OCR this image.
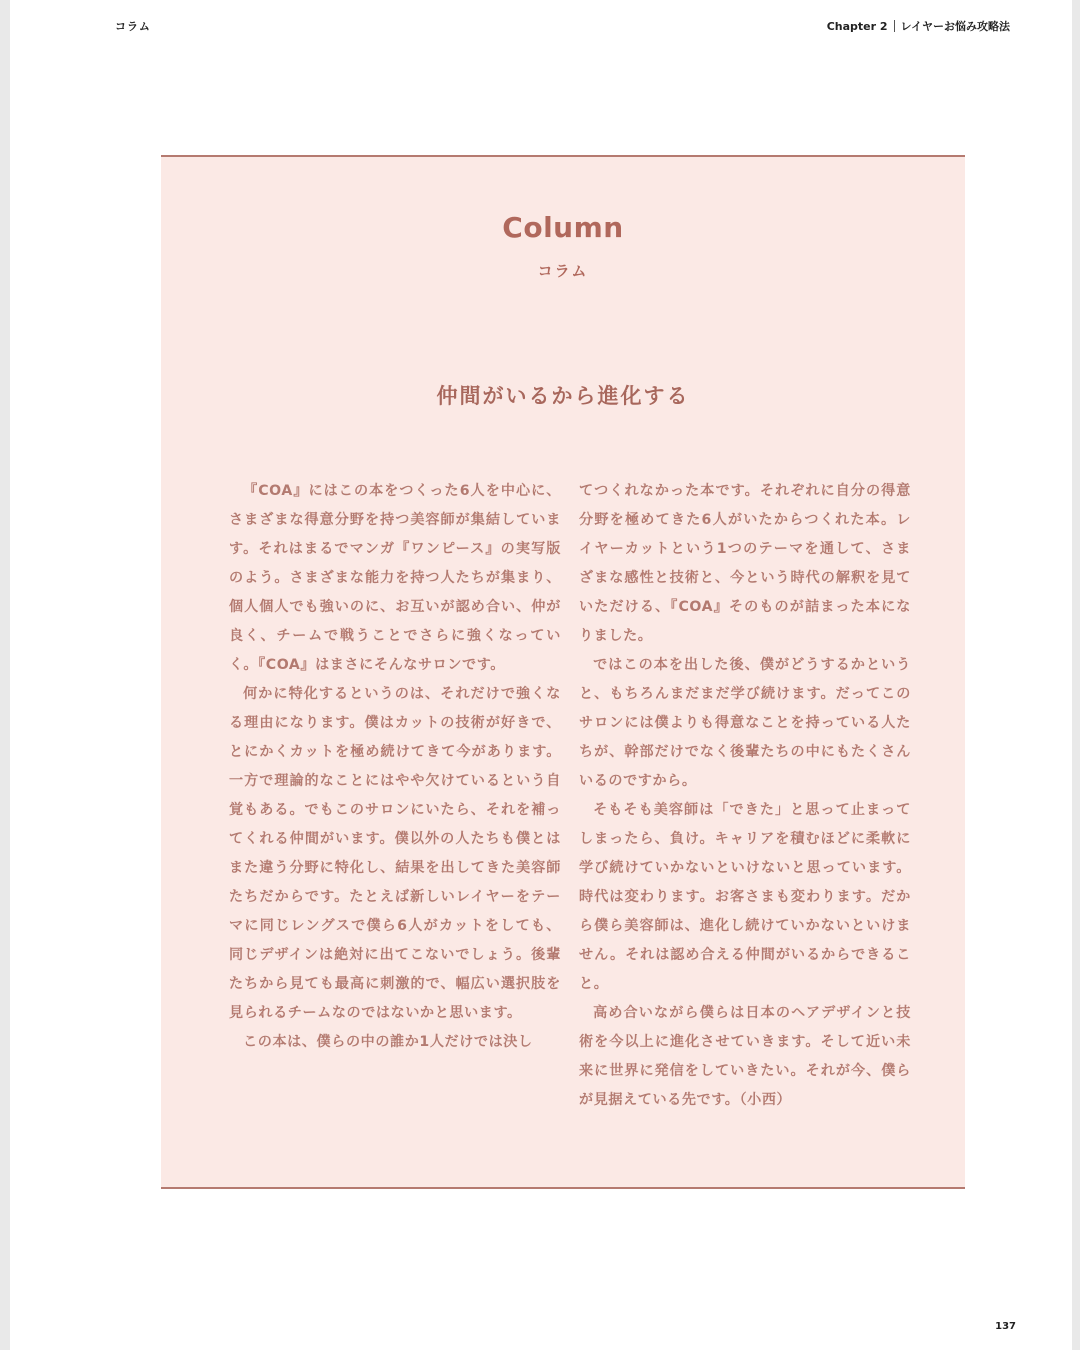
コラム	Chapter 2 レイヤーお悩み攻略法
Column
コラム
仲間がいるから進化する

『COA』にはこの本をつくった6人を中心に、さまざまな得意分野を持つ美容師が集結しています。それはまるでマンガ『ワンピース』の実写版のよう。さまざまな能力を持つ人たちが集まり、個人個人でも強いのに、お互いが認め合い、仲が良く、チームで戦うことでさらに強くなっていく。『COA』はまさにそんなサロンです。

何かに特化するというのは、それだけで強くなる理由になります。僕はカットの技術が好きで、とにかくカットを極め続けてきて今があります。一方で理論的なことにはやや欠けているという自覚もある。でもこのサロンにいたら、それを補ってくれる仲間がいます。僕以外の人たちも僕とはまた違う分野に特化し、結果を出してきた美容師たちだからです。たとえば新しいレイヤーをテーマに同じレングスで僕ら6人がカットをしても、同じデザインは絶対に出てこないでしょう。後輩たちから見ても最高に刺激的で、幅広い選択肢を見られるチームなのではないかと思います。

この本は、僕らの中の誰か1人だけでは決し

てつくれなかった本です。それぞれに自分の得意分野を極めてきた6人がいたからつくれた本。レイヤーカットという1つのテーマを通して、さまざまな感性と技術と、今という時代の解釈を見ていただける、『COA』そのものが詰まった本になりました。

ではこの本を出した後、僕がどうするかというと、もちろんまだまだ学び続けます。だってこのサロンには僕よりも得意なことを持っている人たちが、幹部だけでなく後輩たちの中にもたくさんいるのですから。

そもそも美容師は「できた」と思って止まってしまったら、負け。キャリアを積むほどに柔軟に学び続けていかないといけないと思っています。時代は変わります。お客さまも変わります。だから僕ら美容師は、進化し続けていかないといけません。それは認め合える仲間がいるからできること。

高め合いながら僕らは日本のヘアデザインと技術を今以上に進化させていきます。そして近い未来に世界に発信をしていきたい。それが今、僕らが見据えている先です。（小西）

137
